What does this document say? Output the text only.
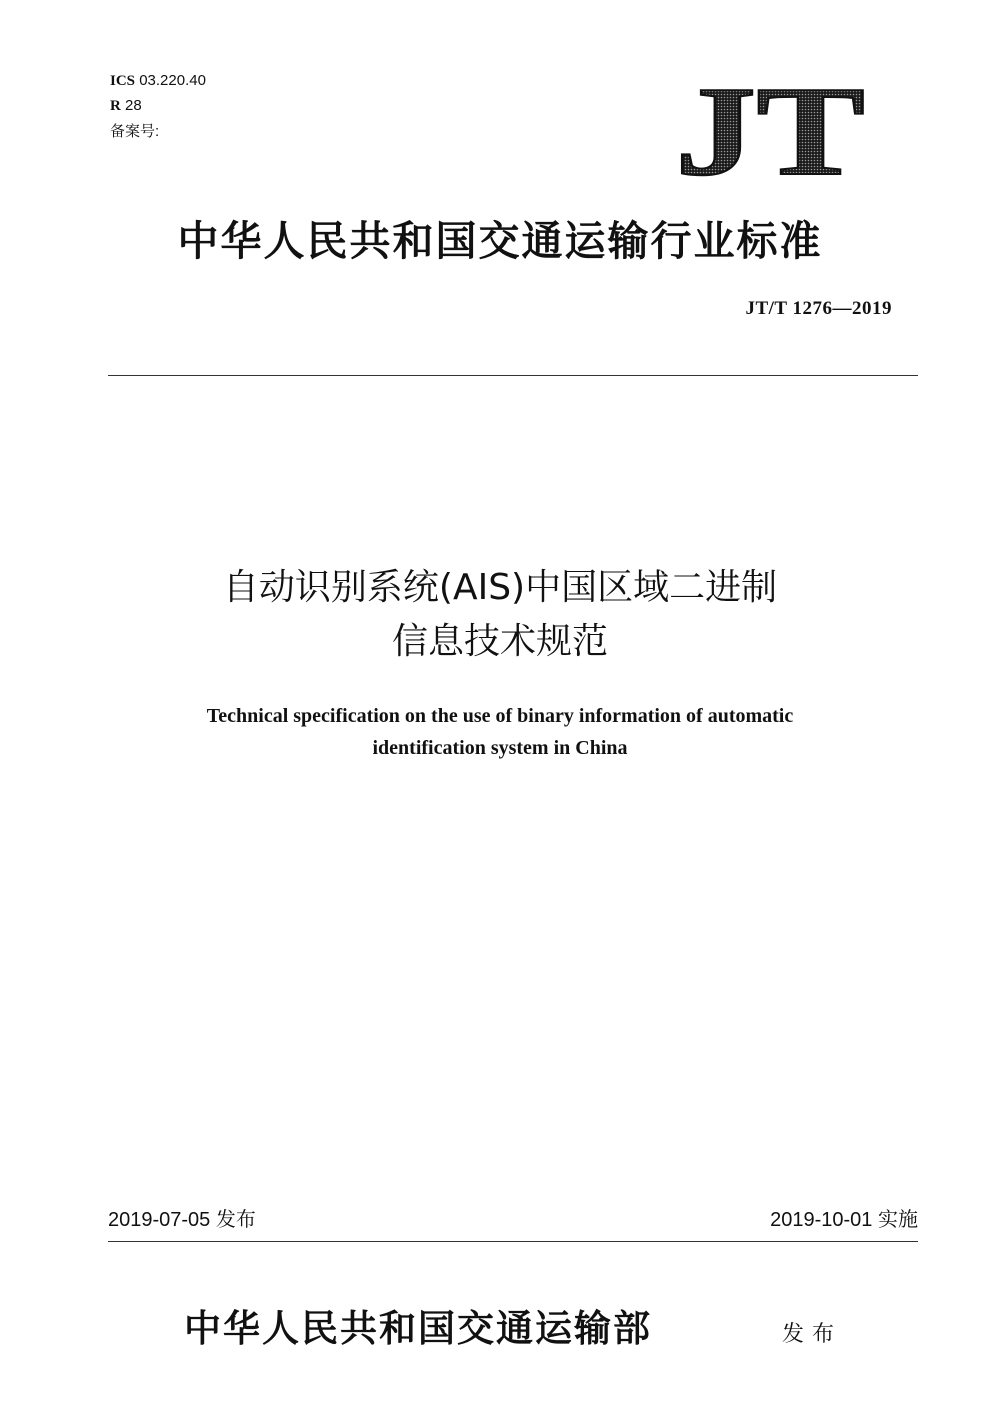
ICS 03.220.40
R 28
备案号:	JT
中华人民共和国交通运输行业标准
JT/T 1276—2019
自动识别系统(AIS)中国区域二进制
信息技术规范
Technical specification on the use of binary information of automatic
identification system in China
2019-07-05 发布	2019-10-01 实施
中华人民共和国交通运输部	发布
